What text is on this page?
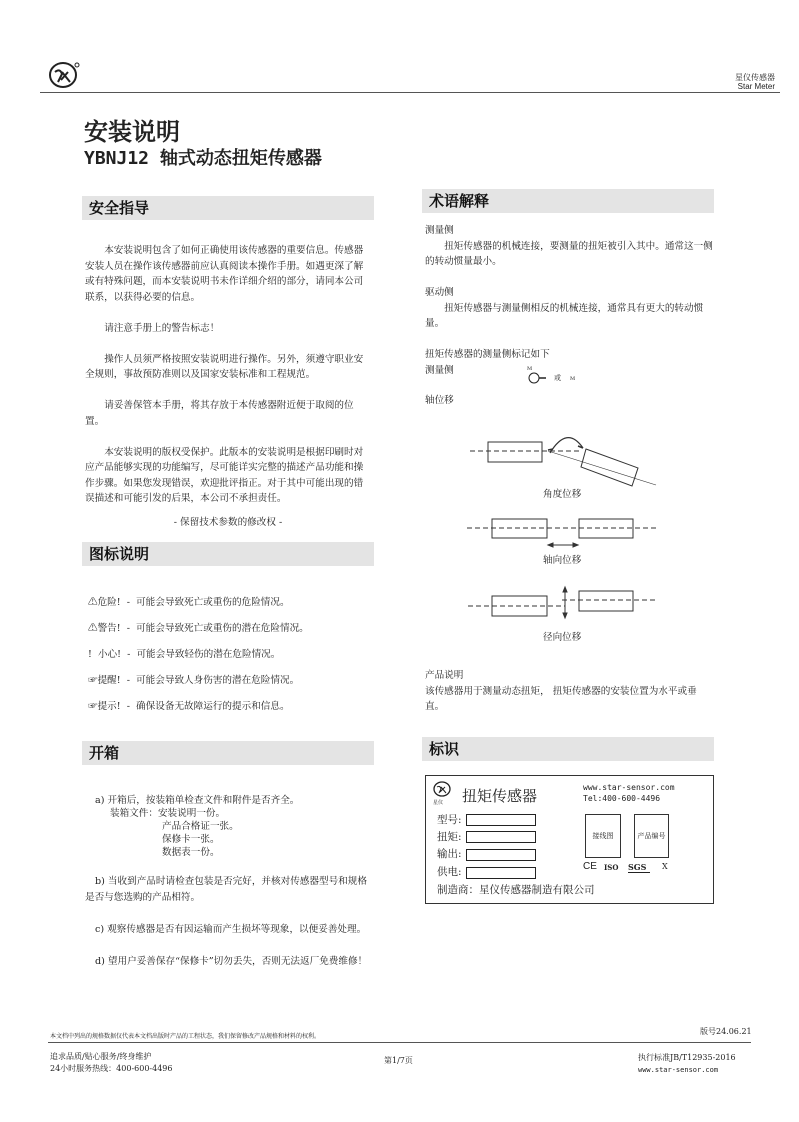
星仪传感器
Star Meter
安装说明
YBNJ12 轴式动态扭矩传感器
安全指导

本安装说明包含了如何正确使用该传感器的重要信息。传感器安装人员在操作该传感器前应认真阅读本操作手册。如遇更深了解或有特殊问题，而本安装说明书未作详细介绍的部分，请同本公司联系，以获得必要的信息。

请注意手册上的警告标志！

操作人员须严格按照安装说明进行操作。另外，须遵守职业安全规则，事故预防准则以及国家安装标准和工程规范。

请妥善保管本手册，将其存放于本传感器附近便于取阅的位置。

本安装说明的版权受保护。此版本的安装说明是根据印刷时对应产品能够实现的功能编写，尽可能详实完整的描述产品功能和操作步骤。如果您发现错误，欢迎批评指正。对于其中可能出现的错误描述和可能引发的后果，本公司不承担责任。

- 保留技术参数的修改权 -
图标说明
⚠危险!  -  可能会导致死亡或重伤的危险情况。
⚠警告!  -  可能会导致死亡或重伤的潜在危险情况。
!  小心!  -  可能会导致轻伤的潜在危险情况。
☞提醒!  -  可能会导致人身伤害的潜在危险情况。
☞提示!  -  确保设备无故障运行的提示和信息。
开箱
a) 开箱后，按装箱单检查文件和附件是否齐全。
装箱文件：安装说明一份。
产品合格证一张。
保修卡一张。
数据表一份。

b) 当收到产品时请检查包装是否完好，并核对传感器型号和规格是否与您选购的产品相符。

c) 观察传感器是否有因运输而产生损坏等现象，以便妥善处理。

d) 望用户妥善保存“保修卡”切勿丢失，否则无法返厂免费维修！

术语解释
测量侧

扭矩传感器的机械连接，要测量的扭矩被引入其中。通常这一侧的转动惯量最小。

驱动侧

扭矩传感器与测量侧相反的机械连接，通常具有更大的转动惯量。

扭矩传感器的测量侧标记如下
测量侧	M
或 M
轴位移
角度位移
轴向位移
径向位移
产品说明
该传感器用于测量动态扭矩， 扭矩传感器的安装位置为水平或垂直。
标识
星仪 扭矩传感器	www.star-sensor.com
Tel:400-600-4496
型号:
扭矩:
输出:
供电:
接线图	产品编号
CE ISO SGS	X
制造商：星仪传感器制造有限公司
本文档中列出的规格数据仅代表本文档出版时产品的工程状态，我们保留修改产品规格和材料的权利。
版号24.06.21
追求品质/贴心服务/终身维护
24小时服务热线：400-600-4496
第1/7页	执行标准JB/T12935-2016
www.star-sensor.com
